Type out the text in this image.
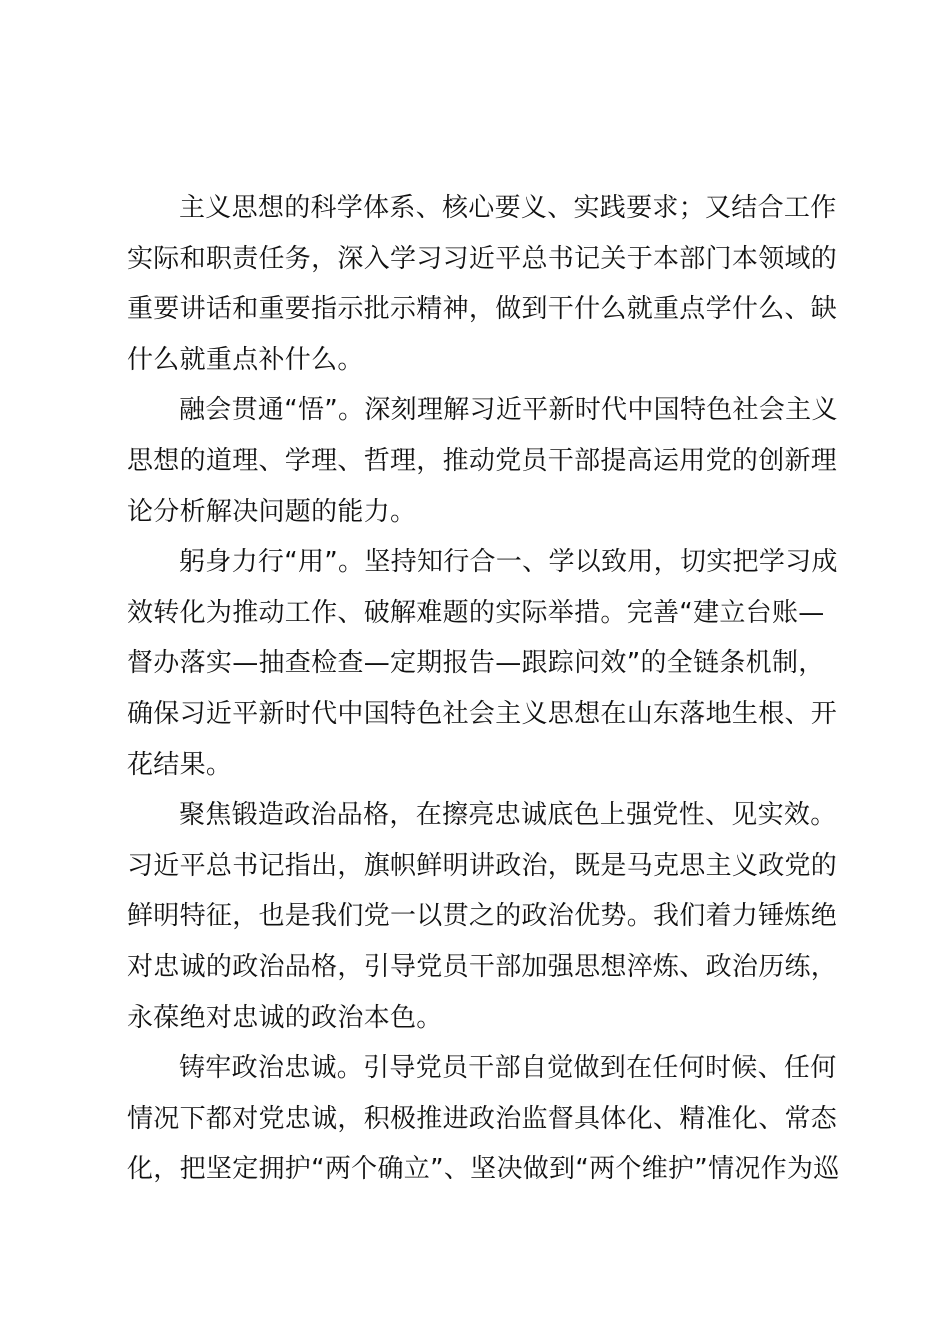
主义思想的科学体系、核心要义、实践要求；又结合工作
实际和职责任务，深入学习习近平总书记关于本部门本领域的
重要讲话和重要指示批示精神，做到干什么就重点学什么、缺
什么就重点补什么。
融会贯通“悟”。深刻理解习近平新时代中国特色社会主义
思想的道理、学理、哲理，推动党员干部提高运用党的创新理
论分析解决问题的能力。
躬身力行“用”。坚持知行合一、学以致用，切实把学习成
效转化为推动工作、破解难题的实际举措。完善“建立台账—
督办落实—抽查检查—定期报告—跟踪问效”的全链条机制，
确保习近平新时代中国特色社会主义思想在山东落地生根、开
花结果。
聚焦锻造政治品格，在擦亮忠诚底色上强党性、见实效。
习近平总书记指出，旗帜鲜明讲政治，既是马克思主义政党的
鲜明特征，也是我们党一以贯之的政治优势。我们着力锤炼绝
对忠诚的政治品格，引导党员干部加强思想淬炼、政治历练，
永葆绝对忠诚的政治本色。
铸牢政治忠诚。引导党员干部自觉做到在任何时候、任何
情况下都对党忠诚，积极推进政治监督具体化、精准化、常态
化，把坚定拥护“两个确立”、坚决做到“两个维护”情况作为巡
